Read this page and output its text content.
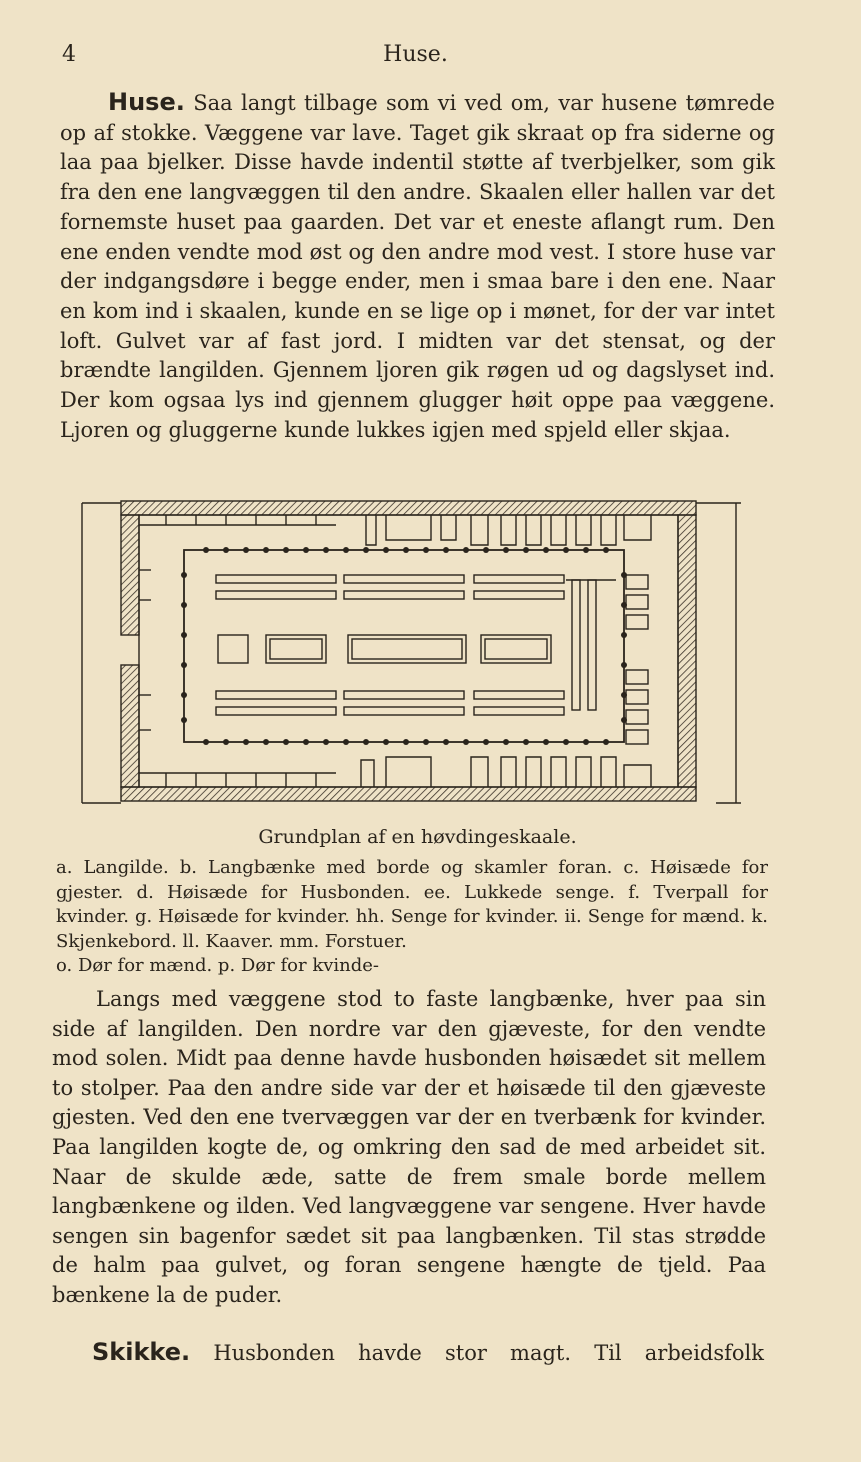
4	Huse.

Huse. Saa langt tilbage som vi ved om, var husene tømrede op af stokke. Væggene var lave. Taget gik skraat op fra siderne og laa paa bjelker. Disse havde indentil støtte af tverbjelker, som gik fra den ene langvæggen til den andre. Skaalen eller hallen var det fornemste huset paa gaarden. Det var et eneste aflangt rum. Den ene enden vendte mod øst og den andre mod vest. I store huse var der indgangsdøre i begge ender, men i smaa bare i den ene. Naar en kom ind i skaalen, kunde en se lige op i mønet, for der var intet loft. Gulvet var af fast jord. I midten var det stensat, og der brændte langilden. Gjennem ljoren gik røgen ud og dagslyset ind. Der kom ogsaa lys ind gjennem glugger høit oppe paa væggene. Ljoren og gluggerne kunde lukkes igjen med spjeld eller skjaa.

Grundplan af en høvdingeskaale.

a. Langilde. b. Langbænke med borde og skamler foran. c. Høisæde for gjester. d. Høisæde for Husbonden. ee. Lukkede senge. f. Tverpall for kvinder. g. Høisæde for kvinder. hh. Senge for kvinder. ii. Senge for mænd. k. Skjenkebord. ll. Kaaver. mm. Forstuer.
o. Dør for mænd. p. Dør for kvinde-

Langs med væggene stod to faste langbænke, hver paa sin side af langilden. Den nordre var den gjæveste, for den vendte mod solen. Midt paa denne havde husbonden høisædet sit mellem to stolper. Paa den andre side var der et høisæde til den gjæveste gjesten. Ved den ene tvervæggen var der en tverbænk for kvinder. Paa langilden kogte de, og omkring den sad de med arbeidet sit. Naar de skulde æde, satte de frem smale borde mellem langbænkene og ilden. Ved langvæggene var sengene. Hver havde sengen sin bagenfor sædet sit paa langbænken. Til stas strødde de halm paa gulvet, og foran sengene hængte de tjeld. Paa bænkene la de puder.

Skikke. Husbonden havde stor magt. Til arbeidsfolk
